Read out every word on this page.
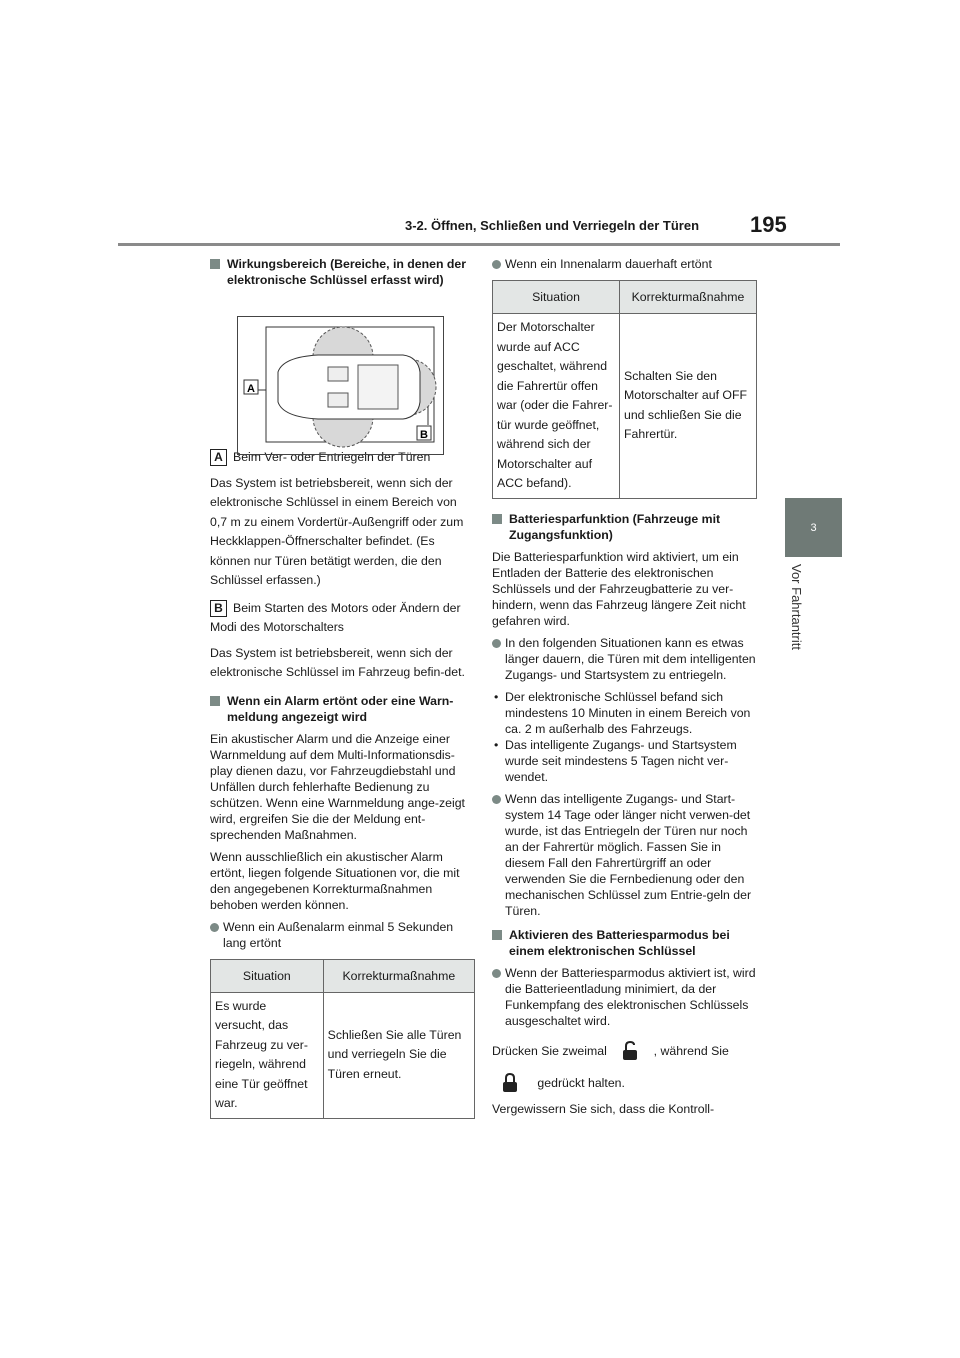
3-2. Öffnen, Schließen und Verriegeln der Türen 195
3
Vor Fahrtantritt
Wirkungsbereich (Bereiche, in denen der elektronische Schlüssel erfasst wird)

A Beim Ver- oder Entriegeln der Türen

Das System ist betriebsbereit, wenn sich der elektronische Schlüssel in einem Bereich von 0,7 m zu einem Vordertür-Außengriff oder zum Heckklappen-Öffnerschalter befindet. (Es können nur Türen betätigt werden, die den Schlüssel erfassen.)

B Beim Starten des Motors oder Ändern der Modi des Motorschalters

Das System ist betriebsbereit, wenn sich der elektronische Schlüssel im Fahrzeug befin-det.

Wenn ein Alarm ertönt oder eine Warn-meldung angezeigt wird

Ein akustischer Alarm und die Anzeige einer Warnmeldung auf dem Multi-Informationsdis-play dienen dazu, vor Fahrzeugdiebstahl und Unfällen durch fehlerhafte Bedienung zu schützen. Wenn eine Warnmeldung ange-zeigt wird, ergreifen Sie die der Meldung ent-sprechenden Maßnahmen.

Wenn ausschließlich ein akustischer Alarm ertönt, liegen folgende Situationen vor, die mit den angegebenen Korrekturmaßnahmen behoben werden können.

Wenn ein Außenalarm einmal 5 Sekunden lang ertönt
Situation	Korrekturmaßnahme
Es wurde versucht, das Fahrzeug zu ver-riegeln, während eine Tür geöffnet war.	Schließen Sie alle Türen und verriegeln Sie die Türen erneut.
A
B
Wenn ein Innenalarm dauerhaft ertönt
Situation	Korrekturmaßnahme
Der Motorschalter wurde auf ACC geschaltet, während die Fahrertür offen war (oder die Fahrer-tür wurde geöffnet, während sich der Motorschalter auf ACC befand).	Schalten Sie den Motorschalter auf OFF und schließen Sie die Fahrertür.
Batteriesparfunktion (Fahrzeuge mit Zugangsfunktion)

Die Batteriesparfunktion wird aktiviert, um ein Entladen der Batterie des elektronischen Schlüssels und der Fahrzeugbatterie zu ver-hindern, wenn das Fahrzeug längere Zeit nicht gefahren wird.

In den folgenden Situationen kann es etwas länger dauern, die Türen mit dem intelligenten Zugangs- und Startsystem zu entriegeln.
• Der elektronische Schlüssel befand sich mindestens 10 Minuten in einem Bereich von ca. 2 m außerhalb des Fahrzeugs.
• Das intelligente Zugangs- und Startsystem wurde seit mindestens 5 Tagen nicht ver-wendet.
Wenn das intelligente Zugangs- und Start-system 14 Tage oder länger nicht verwen-det wurde, ist das Entriegeln der Türen nur noch an der Fahrertür möglich. Fassen Sie in diesem Fall den Fahrertürgriff an oder verwenden Sie die Fernbedienung oder den mechanischen Schlüssel zum Entrie-geln der Türen.
Aktivieren des Batteriesparmodus bei einem elektronischen Schlüssel
Wenn der Batteriesparmodus aktiviert ist, wird die Batterieentladung minimiert, da der Funkempfang des elektronischen Schlüssels ausgeschaltet wird.

Drücken Sie zweimal	, während Sie

gedrückt halten.

Vergewissern Sie sich, dass die Kontroll-
